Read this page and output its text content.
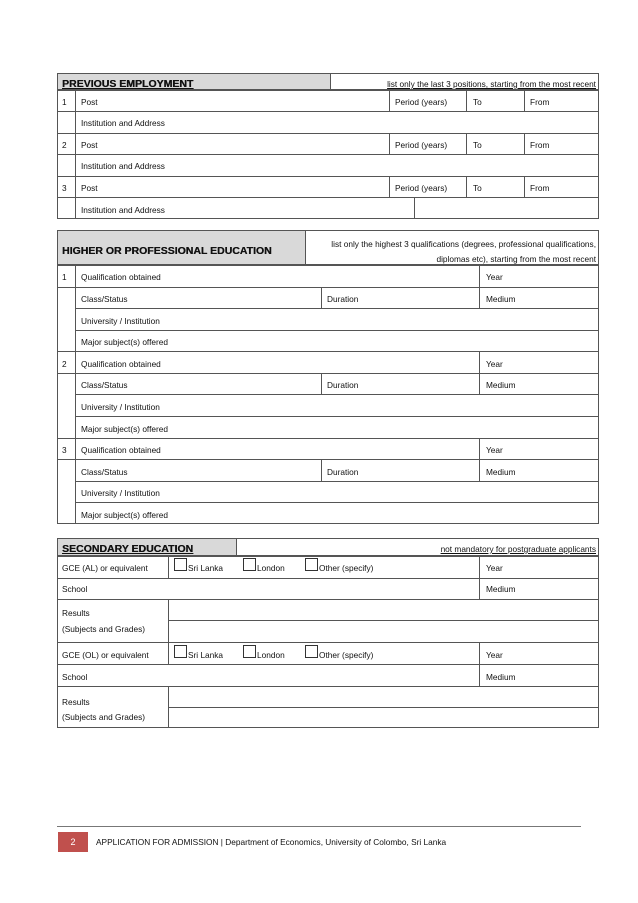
PREVIOUS EMPLOYMENT	list only the last 3 positions, starting from the most recent
1 Post	Period (years)	To	From
Institution and Address
2 Post	Period (years)	To	From
Institution and Address
3 Post	Period (years)	To	From
Institution and Address
HIGHER OR PROFESSIONAL EDUCATION
list only the highest 3 qualifications (degrees, professional qualifications,
diplomas etc), starting from the most recent
1 Qualification obtained	Year
Class/Status	Duration	Medium
University / Institution
Major subject(s) offered
2 Qualification obtained	Year
Class/Status	Duration	Medium
University / Institution
Major subject(s) offered
3 Qualification obtained	Year
Class/Status	Duration	Medium
University / Institution
Major subject(s) offered
SECONDARY EDUCATION	not mandatory for postgraduate applicants
GCE (AL) or equivalent	Sri Lanka	London	Other (specify)	Year
School	Medium
Results
(Subjects and Grades)
GCE (OL) or equivalent	Sri Lanka	London	Other (specify)	Year
School	Medium
Results
(Subjects and Grades)
2	APPLICATION FOR ADMISSION | Department of Economics, University of Colombo, Sri Lanka
